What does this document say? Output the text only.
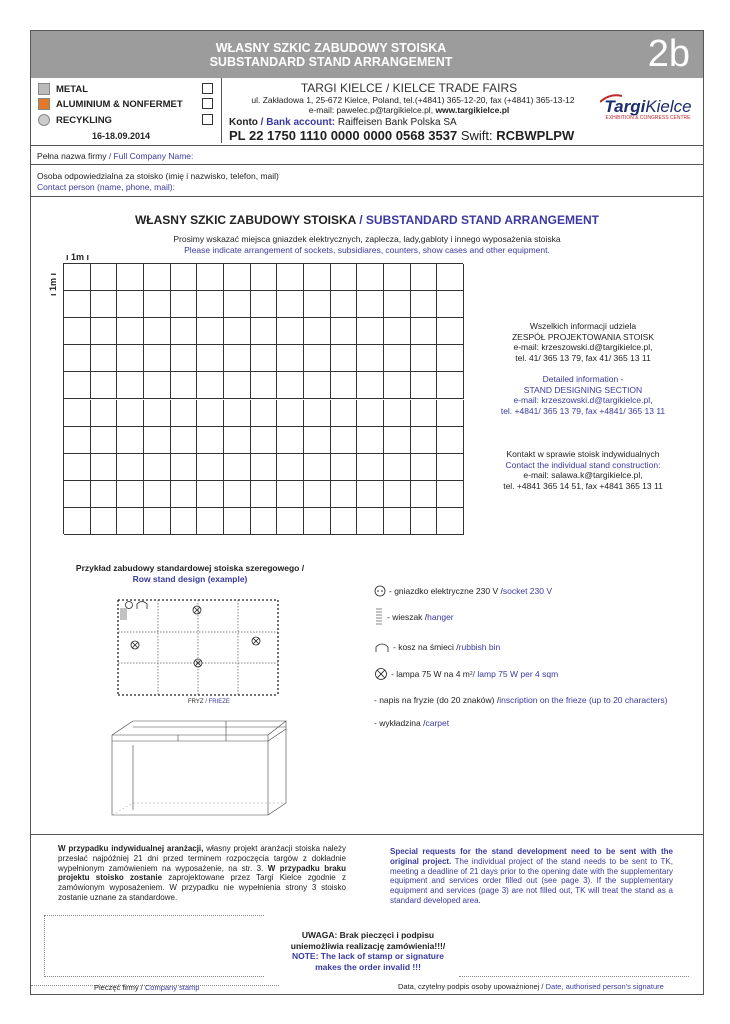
WŁASNY SZKIC ZABUDOWY STOISKA
SUBSTANDARD STAND ARRANGEMENT	2b
METAL
ALUMINIUM & NONFERMET
RECYKLING
16-18.09.2014
TARGI KIELCE / KIELCE TRADE FAIRS
ul. Zakładowa 1, 25-672 Kielce, Poland, tel.(+4841) 365-12-20, fax (+4841) 365-13-12
e-mail: pawelec.p@targikielce.pl, www.targikielce.pl
Konto / Bank account: Raiffeisen Bank Polska SA
PL 22 1750 1110 0000 0000 0568 3537 Swift: RCBWPLPW
TargiKielce
EXHIBITION & CONGRESS CENTRE
Pełna nazwa firmy / Full Company Name:
Osoba odpowiedzialna za stoisko (imię i nazwisko, telefon, mail)
Contact person (name, phone, mail):
WŁASNY SZKIC ZABUDOWY STOISKA / SUBSTANDARD STAND ARRANGEMENT
Prosimy wskazać miejsca gniazdek elektrycznych, zaplecza, lady,gabloty i innego wyposażenia stoiska
Please indicate arrangement of sockets, subsidiares, counters, show cases and other equipment.
ı 1m ı
ı 1m ı
Wszelkich informacji udziela
ZESPÓŁ PROJEKTOWANIA STOISK
e-mail: krzeszowski.d@targikielce.pl,
tel. 41/ 365 13 79, fax 41/ 365 13 11
Detailed information -
STAND DESIGNING SECTION
e-mail: krzeszowski.d@targikielce.pl,
tel. +4841/ 365 13 79, fax +4841/ 365 13 11
Kontakt w sprawie stoisk indywidualnych
Contact the individual stand construction:
e-mail: salawa.k@targikielce.pl,
tel. +4841 365 14 51, fax +4841 365 13 11
Przykład zabudowy standardowej stoiska szeregowego /
Row stand design (example)
FRYZ / FRIEZE
- gniazdko elektryczne 230 V / socket 230 V
- wieszak / hanger
- kosz na śmieci / rubbish bin
- lampa 75 W na 4 m 2 / lamp 75 W per 4 sqm
- napis na fryzie (do 20 znaków) / inscription on the frieze (up to 20 characters)
- wykładzina / carpet
W przypadku indywidualnej aranżacji, własny projekt aranżacji stoiska należy przesłać najpóźniej 21 dni przed terminem rozpoczęcia targów z dokładnie wypełnionym zamówieniem na wyposażenie, na str. 3. W przypadku braku projektu stoisko zostanie zaprojektowane przez Targi Kielce zgodnie z zamówionym wyposażeniem. W przypadku nie wypełnienia strony 3 stoisko zostanie uznane za standardowe.
Special requests for the stand development need to be sent with the original project. The individual project of the stand needs to be sent to TK, meeting a deadline of 21 days prior to the opening date with the supplementary equipment and services order filled out (see page 3). If the supplementary equipment and services (page 3) are not filled out, TK will treat the stand as a standard developed area.
UWAGA: Brak pieczęci i podpisu
uniemożliwia realizację zamówienia!!!/
NOTE: The lack of stamp or signature
makes the order invalid !!!
Pieczęć firmy / Company stamp	Data, czytelny podpis osoby upoważnionej / Date, authorised person's signature
